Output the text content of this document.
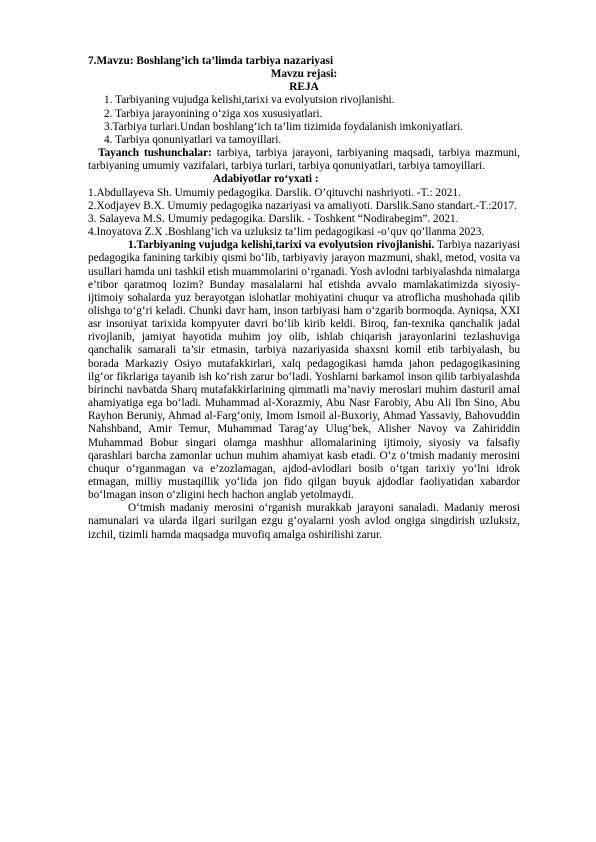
7.Mavzu: Boshlang’ich ta’limda tarbiya nazariyasi

Mavzu rejasi:

REJA

1. Tarbiyaning vujudga kelishi,tarixi va evolyutsion rivojlanishi.

2. Tarbiya jarayonining o‘ziga xos xususiyatlari.

3.Tarbiya turlari.Undan boshlang‘ich ta’lim tizimida foydalanish imkoniyatlari.

4. Tarbiya qonuniyatlari va tamoyillari.

Tayanch tushunchalar: tarbiya, tarbiya jarayoni, tarbiyaning maqsadi, tarbiya mazmuni, tarbiyaning umumiy vazifalari, tarbiya turlari, tarbiya qonuniyatlari, tarbiya tamoyillari.

Adabiyotlar ro‘yxati :

1.Abdullayeva Sh. Umumiy pedagogika. Darslik. O’qituvchi nashriyoti. -T.: 2021.

2.Xodjayev B.X. Umumiy pedagogika nazariyasi va amaliyoti. Darslik.Sano standart.-T.:2017.

3. Salayeva M.S. Umumiy pedagogika. Darslik. - Toshkent “Nodirabegim”. 2021.

4.Inoyatova Z.X .Boshlang’ich va uzluksiz ta’lim pedagogikasi -o’quv qo’llanma 2023.

1.Tarbiyaning vujudga kelishi,tarixi va evolyutsion rivojlanishi. Tarbiya nazariyasi pedagogika fanining tarkibiy qismi bo‘lib, tarbiyaviy jarayon mazmuni, shakl, metod, vosita va usullari hamda uni tashkil etish muammolarini o‘rganadi. Yosh avlodni tarbiyalashda nimalarga e’tibor qaratmoq lozim? Bunday masalalarni hal etishda avvalo mamlakatimizda siyosiy-ijtimoiy sohalarda yuz berayotgan islohatlar mohiyatini chuqur va atroflicha mushohada qilib olishga to‘g‘ri keladi. Chunki davr ham, inson tarbiyasi ham o‘zgarib bormoqda. Ayniqsa, XXI asr insoniyat tarixida kompyuter davri bo‘lib kirib keldi. Biroq, fan-texnika qanchalik jadal rivojlanib, jamiyat hayotida muhim joy olib, ishlab chiqarish jarayonlarini tezlashuviga qanchalik samarali ta’sir etmasin, tarbiya nazariyasida shaxsni komil etib tarbiyalash, bu borada Markaziy Osiyo mutafakkirlari, xalq pedagogikasi hamda jahon pedagogikasining ilg‘or fikrlariga tayanib ish ko‘rish zarur bo‘ladi. Yoshlarni barkamol inson qilib tarbiyalashda birinchi navbatda Sharq mutafakkirlarining qimmatli ma’naviy meroslari muhim dasturil amal ahamiyatiga ega bo‘ladi. Muhammad al-Xorazmiy, Abu Nasr Farobiy, Abu Ali Ibn Sino, Abu Rayhon Beruniy, Ahmad al-Farg‘oniy, Imom Ismoil al-Buxoriy, Ahmad Yassaviy, Bahovuddin Nahshband, Amir Temur, Muhammad Tarag‘ay Ulug‘bek, Alisher Navoy va Zahiriddin Muhammad Bobur singari olamga mashhur allomalarining ijtimoiy, siyosiy va falsafiy qarashlari barcha zamonlar uchun muhim ahamiyat kasb etadi. O‘z o‘tmish madaniy merosini chuqur o‘rganmagan va e’zozlamagan, ajdod-avlodlari bosib o‘tgan tarixiy yo‘lni idrok etmagan, milliy mustaqillik yo‘lida jon fido qilgan buyuk ajdodlar faoliyatidan xabardor bo‘lmagan inson o‘zligini hech hachon anglab yetolmaydi.

O‘tmish madaniy merosini o‘rganish murakkab jarayoni sanaladi. Madaniy merosi namunalari va ularda ilgari surilgan ezgu g‘oyalarni yosh avlod ongiga singdirish uzluksiz, izchil, tizimli hamda maqsadga muvofiq amalga oshirilishi zarur.
